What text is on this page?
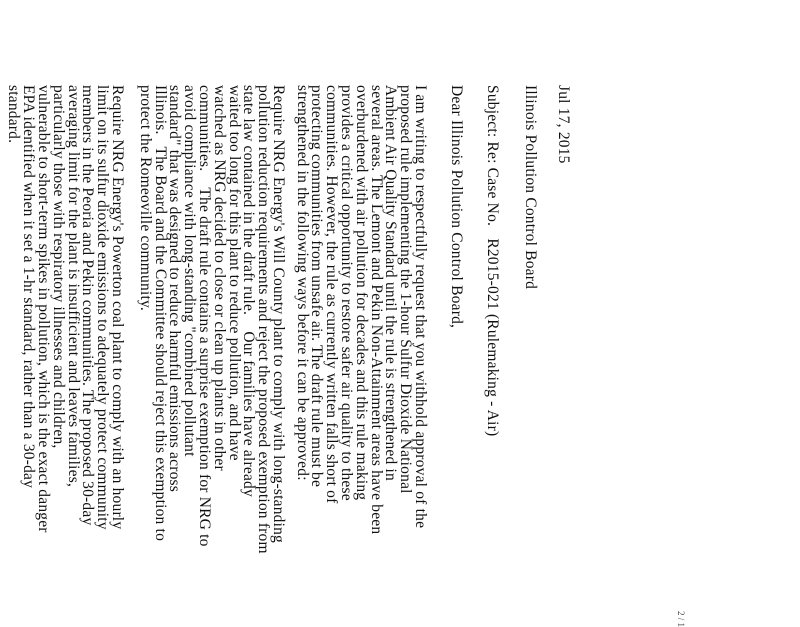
Jul 17, 2015
Illinois Pollution Control Board
Subject: Re: Case No.   R2015-021 (Rulemaking - Air)
Dear Illinois Pollution Control Board,
I am writing to respectfully request that you withhold approval of the
proposed rule implementing the 1-hour Sulfur Dioxide National
Ambient Air Quality Standard until the rule is strengthened in
several areas. The Lemont and Pekin Non-Attainment areas have been
overburdened with air pollution for decades and this rule making
provides a critical opportunity to restore safer air quality to these
communities. However, the rule as currently written falls short of
protecting communities from unsafe air. The draft rule must be
strengthened in the following ways before it can be approved:
Require NRG Energy's Will County plant to comply with long-standing
pollution reduction requirements and reject the proposed exemption from
state law contained in the draft rule.    Our families have already
waited too long for this plant to reduce pollution, and have
watched as NRG decided to close or clean up plants in other
communities.    The draft rule contains a surprise exemption for NRG to
avoid compliance with long-standing "combined pollutant
standard" that was designed to reduce harmful emissions across
Illinois.   The Board and the Committee should reject this exemption to
protect the Romeoville community.
Require NRG Energy's Powerton coal plant to comply with an hourly
limit on its sulfur dioxide emissions to adequately protect community
members in the Peoria and Pekin communities. The proposed 30-day
averaging limit for the plant is insufficient and leaves families,
particularly those with respiratory illnesses and children,
vulnerable to short-term spikes in pollution, which is the exact danger
EPA identified when it set a 1-hr standard, rather than a 30-day
standard.
2 / 1
